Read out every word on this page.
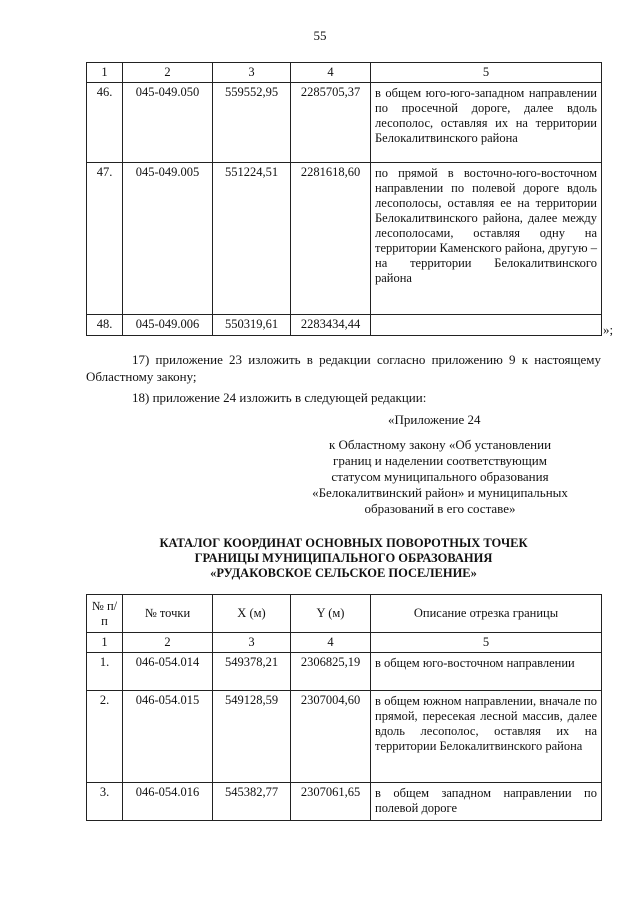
55
1	2	3	4	5
46.	045-049.050	559552,95	2285705,37	в общем юго-юго-западном направлении по просечной дороге, далее вдоль лесополос, оставляя их на территории Белокалитвинского района
47.	045-049.005	551224,51	2281618,60	по прямой в восточно-юго-восточном направлении по полевой дороге вдоль лесополосы, оставляя ее на территории Белокалитвинского района, далее между лесополосами, оставляя одну на территории Каменского района, другую – на территории Белокалитвинского района
48.	045-049.006	550319,61	2283434,44		»;
17) приложение 23 изложить в редакции согласно приложению 9 к настоящему Областному закону;
18) приложение 24 изложить в следующей редакции:
«Приложение 24
к Областному закону «Об установлении
границ и наделении соответствующим
статусом муниципального образования
«Белокалитвинский район» и муниципальных
образований в его составе»
КАТАЛОГ КООРДИНАТ ОСНОВНЫХ ПОВОРОТНЫХ ТОЧЕК
ГРАНИЦЫ МУНИЦИПАЛЬНОГО ОБРАЗОВАНИЯ
«РУДАКОВСКОЕ СЕЛЬСКОЕ ПОСЕЛЕНИЕ»
№ п/п	№ точки	X (м)	Y (м)	Описание отрезка границы
1	2	3	4	5
1.	046-054.014	549378,21	2306825,19	в общем юго-восточном направлении
2.	046-054.015	549128,59	2307004,60	в общем южном направлении, вначале по прямой, пересекая лесной массив, далее вдоль лесополос, оставляя их на территории Белокалитвинского района
3.	046-054.016	545382,77	2307061,65	в общем западном направлении по полевой дороге
